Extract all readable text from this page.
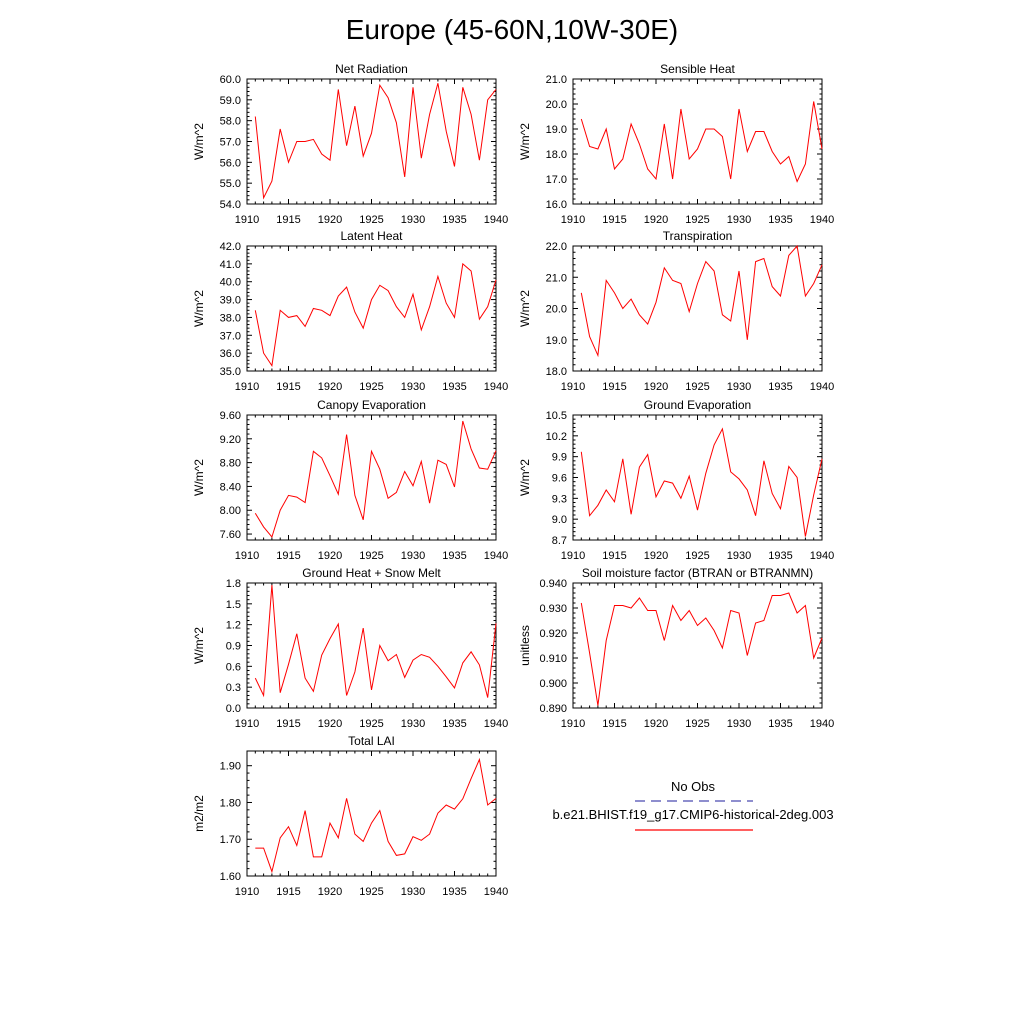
Europe (45-60N,10W-30E)
1910 1915 1920 1925 1930 1935 1940
54.0
55.0
56.0
57.0
58.0
59.0
60.0
Net Radiation
W/m^2
1910 1915 1920 1925 1930 1935 1940
16.0
17.0
18.0
19.0
20.0
21.0
Sensible Heat
W/m^2
1910 1915 1920 1925 1930 1935 1940
35.0
36.0
37.0
38.0
39.0
40.0
41.0
42.0
Latent Heat
W/m^2
1910 1915 1920 1925 1930 1935 1940
18.0
19.0
20.0
21.0
22.0
Transpiration
W/m^2
1910 1915 1920 1925 1930 1935 1940
7.60
8.00
8.40
8.80
9.20
9.60
Canopy Evaporation
W/m^2
1910 1915 1920 1925 1930 1935 1940
8.7
9.0
9.3
9.6
9.9
10.2
10.5
Ground Evaporation
W/m^2
1910 1915 1920 1925 1930 1935 1940
0.0
0.3
0.6
0.9
1.2
1.5
1.8
Ground Heat + Snow Melt
W/m^2
1910 1915 1920 1925 1930 1935 1940
0.890
0.900
0.910
0.920
0.930
0.940
Soil moisture factor (BTRAN or BTRANMN)
unitless
1910 1915 1920 1925 1930 1935 1940
1.60
1.70
1.80
1.90
Total LAI
m2/m2
No Obs
b.e21.BHIST.f19_g17.CMIP6-historical-2deg.003
